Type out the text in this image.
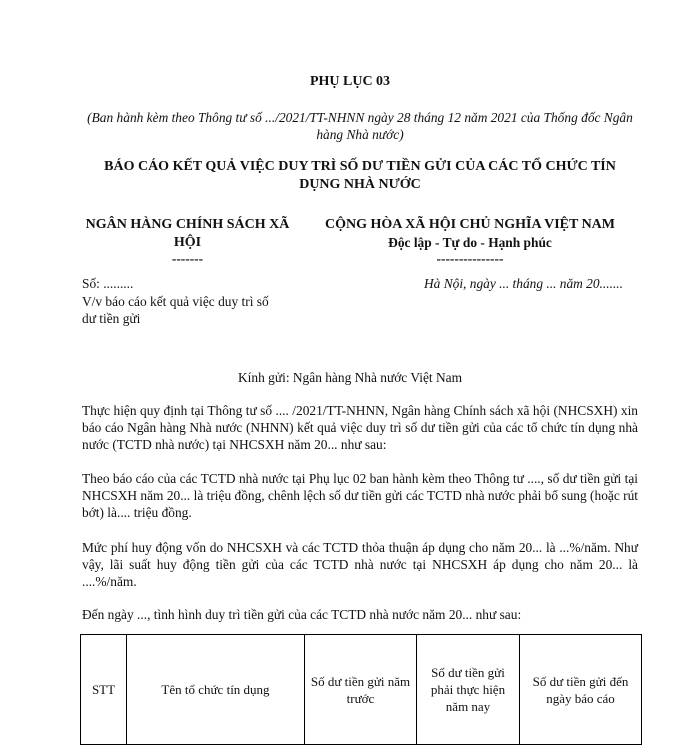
PHỤ LỤC 03
(Ban hành kèm theo Thông tư số .../2021/TT-NHNN ngày 28 tháng 12 năm 2021 của Thống đốc Ngân hàng Nhà nước)
BÁO CÁO KẾT QUẢ VIỆC DUY TRÌ SỐ DƯ TIỀN GỬI CỦA CÁC TỔ CHỨC TÍN DỤNG NHÀ NƯỚC
NGÂN HÀNG CHÍNH SÁCH XÃ HỘI
-------
CỘNG HÒA XÃ HỘI CHỦ NGHĨA VIỆT NAM
Độc lập - Tự do - Hạnh phúc
---------------
Số: .........
V/v báo cáo kết quả việc duy trì số dư tiền gửi
Hà Nội, ngày ... tháng ... năm 20.......
Kính gửi: Ngân hàng Nhà nước Việt Nam
Thực hiện quy định tại Thông tư số .... /2021/TT-NHNN, Ngân hàng Chính sách xã hội (NHCSXH) xin báo cáo Ngân hàng Nhà nước (NHNN) kết quả việc duy trì số dư tiền gửi của các tổ chức tín dụng nhà nước (TCTD nhà nước) tại NHCSXH năm 20... như sau:
Theo báo cáo của các TCTD nhà nước tại Phụ lục 02 ban hành kèm theo Thông tư ...., số dư tiền gửi tại NHCSXH năm 20... là triệu đồng, chênh lệch số dư tiền gửi các TCTD nhà nước phải bổ sung (hoặc rút bớt) là.... triệu đồng.
Mức phí huy động vốn do NHCSXH và các TCTD thỏa thuận áp dụng cho năm 20... là ...%/năm. Như vậy, lãi suất huy động tiền gửi của các TCTD nhà nước tại NHCSXH áp dụng cho năm 20... là ....%/năm.
Đến ngày ..., tình hình duy trì tiền gửi của các TCTD nhà nước năm 20... như sau:
STT	Tên tổ chức tín dụng	Số dư tiền gửi năm trước	Số dư tiền gửi phải thực hiện năm nay	Số dư tiền gửi đến ngày báo cáo
